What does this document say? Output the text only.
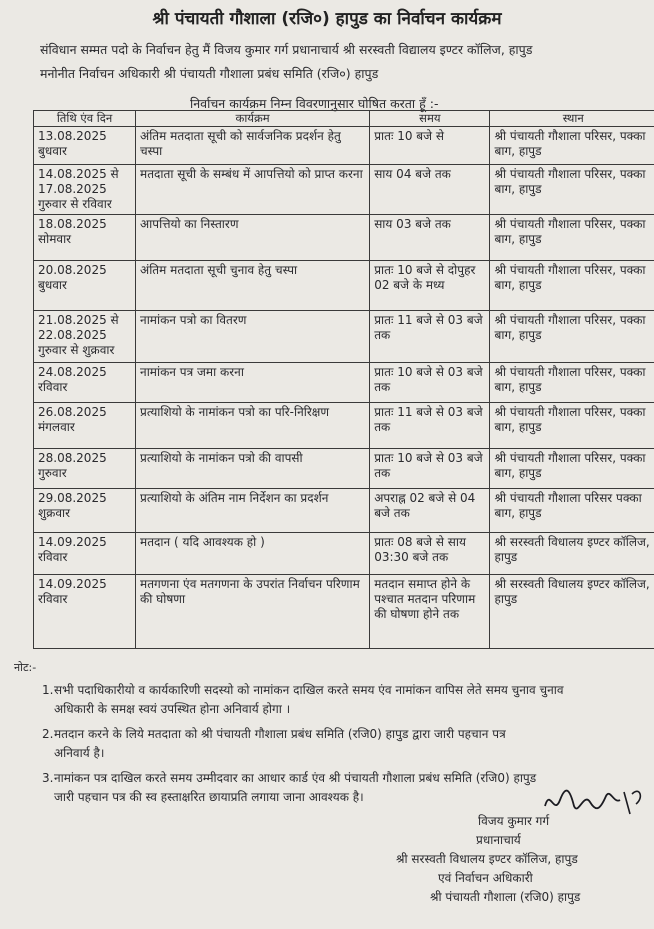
श्री पंचायती गौशाला (रजि०) हापुड का निर्वाचन कार्यक्रम
संविधान सम्मत पदो के निर्वाचन हेतु मैं विजय कुमार गर्ग प्रधानाचार्य श्री सरस्वती विद्यालय इण्टर कॉलिज, हापुड
मनोनीत निर्वाचन अधिकारी श्री पंचायती गौशाला प्रबंध समिति (रजि०) हापुड
निर्वाचन कार्यक्रम निम्न विवरणानुसार घोषित करता हूँ :-
तिथि एंव दिन	कार्यक्रम	समय	स्थान

13.08.2025
बुधवार	अंतिम मतदाता सूची को सार्वजनिक प्रदर्शन हेतु चस्पा	प्रातः 10 बजे से	श्री पंचायती गौशाला परिसर, पक्का बाग, हापुड

14.08.2025 से 17.08.2025
गुरुवार से रविवार	मतदाता सूची के सम्बंध में आपत्तियो को प्राप्त करना	साय 04 बजे तक	श्री पंचायती गौशाला परिसर, पक्का बाग, हापुड

18.08.2025
सोमवार	आपत्तियो का निस्तारण	साय 03 बजे तक	श्री पंचायती गौशाला परिसर, पक्का बाग, हापुड

20.08.2025
बुधवार	अंतिम मतदाता सूची चुनाव हेतु चस्पा	प्रातः 10 बजे से दोपुहर 02 बजे के मध्य	श्री पंचायती गौशाला परिसर, पक्का बाग, हापुड

21.08.2025 से 22.08.2025
गुरुवार से शुक्रवार	नामांकन पत्रो का वितरण	प्रातः 11 बजे से 03 बजे तक	श्री पंचायती गौशाला परिसर, पक्का बाग, हापुड

24.08.2025
रविवार	नामांकन पत्र जमा करना	प्रातः 10 बजे से 03 बजे तक	श्री पंचायती गौशाला परिसर, पक्का बाग, हापुड

26.08.2025
मंगलवार	प्रत्याशियो के नामांकन पत्रो का परि-निरिक्षण	प्रातः 11 बजे से 03 बजे तक	श्री पंचायती गौशाला परिसर, पक्का बाग, हापुड

28.08.2025
गुरुवार	प्रत्याशियो के नामांकन पत्रो की वापसी	प्रातः 10 बजे से 03 बजे तक	श्री पंचायती गौशाला परिसर, पक्का बाग, हापुड

29.08.2025
शुक्रवार	प्रत्याशियो के अंतिम नाम निर्देशन का प्रदर्शन	अपराह्न 02 बजे से 04 बजे तक	श्री पंचायती गौशाला परिसर पक्का बाग, हापुड

14.09.2025
रविवार	मतदान ( यदि आवश्यक हो )	प्रातः 08 बजे से साय 03:30 बजे तक	श्री सरस्वती विधालय इण्टर कॉलिज, हापुड

14.09.2025
रविवार	मतगणना एंव मतगणना के उपरांत निर्वाचन परिणाम की घोषणा	मतदान समाप्त होने के पश्चात मतदान परिणाम की घोषणा होने तक	श्री सरस्वती विधालय इण्टर कॉलिज, हापुड
नोट:-
1. सभी पदाधिकारीयो व कार्यकारिणी सदस्यो को नामांकन दाखिल करते समय एंव नामांकन वापिस लेते समय चुनाव चुनाव
अधिकारी के समक्ष स्वयं उपस्थित होना अनिवार्य होगा ।
2. मतदान करने के लिये मतदाता को श्री पंचायती गौशाला प्रबंध समिति (रजि0) हापुड द्वारा जारी पहचान पत्र
अनिवार्य है।
3. नामांकन पत्र दाखिल करते समय उम्मीदवार का आधार कार्ड एंव श्री पंचायती गौशाला प्रबंध समिति (रजि0) हापुड
जारी पहचान पत्र की स्व हस्ताक्षरित छायाप्रति लगाया जाना आवश्यक है।
विजय कुमार गर्ग
प्रधानाचार्य
श्री सरस्वती विधालय इण्टर कॉलिज, हापुड
एवं निर्वाचन अधिकारी
श्री पंचायती गौशाला (रजि0) हापुड
